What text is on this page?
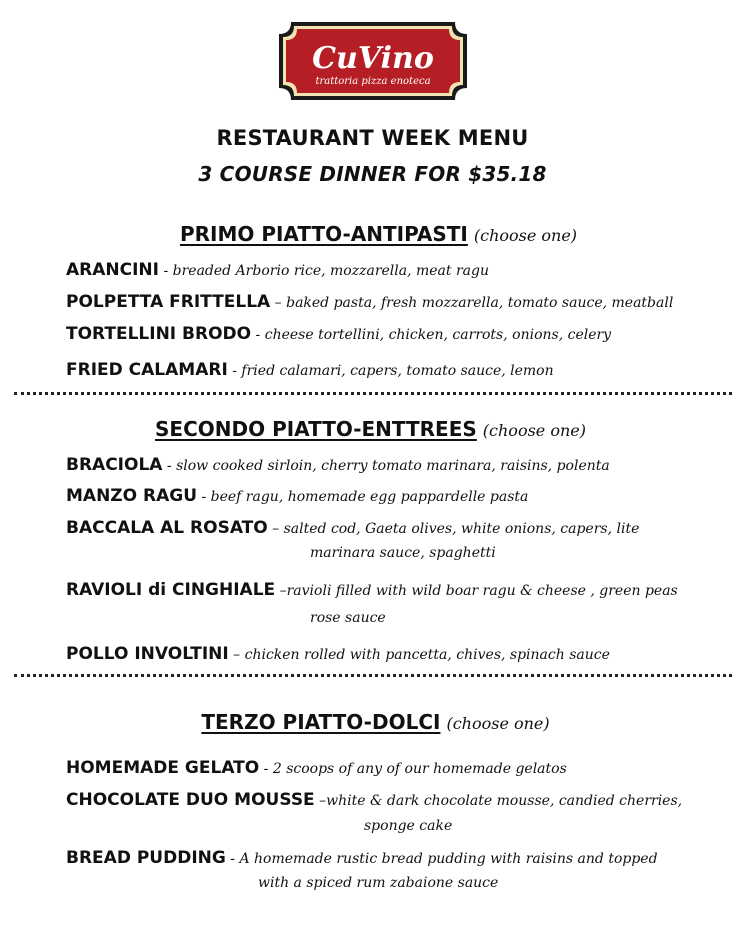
CuVino
trattoria pizza enoteca
RESTAURANT WEEK MENU
3 COURSE DINNER FOR $35.18
PRIMO PIATTO-ANTIPASTI (choose one)
ARANCINI - breaded Arborio rice, mozzarella, meat ragu
POLPETTA FRITTELLA – baked pasta, fresh mozzarella, tomato sauce, meatball
TORTELLINI BRODO - cheese tortellini, chicken, carrots, onions, celery
FRIED CALAMARI - fried calamari, capers, tomato sauce, lemon
SECONDO PIATTO-ENTTREES (choose one)
BRACIOLA - slow cooked sirloin, cherry tomato marinara, raisins, polenta
MANZO RAGU - beef ragu, homemade egg pappardelle pasta
BACCALA AL ROSATO – salted cod, Gaeta olives, white onions, capers, lite
marinara sauce, spaghetti
RAVIOLI di CINGHIALE –ravioli filled with wild boar ragu & cheese , green peas
rose sauce
POLLO INVOLTINI – chicken rolled with pancetta, chives, spinach sauce
TERZO PIATTO-DOLCI (choose one)
HOMEMADE GELATO - 2 scoops of any of our homemade gelatos
CHOCOLATE DUO MOUSSE –white & dark chocolate mousse, candied cherries,
sponge cake
BREAD PUDDING - A homemade rustic bread pudding with raisins and topped
with a spiced rum zabaione sauce
